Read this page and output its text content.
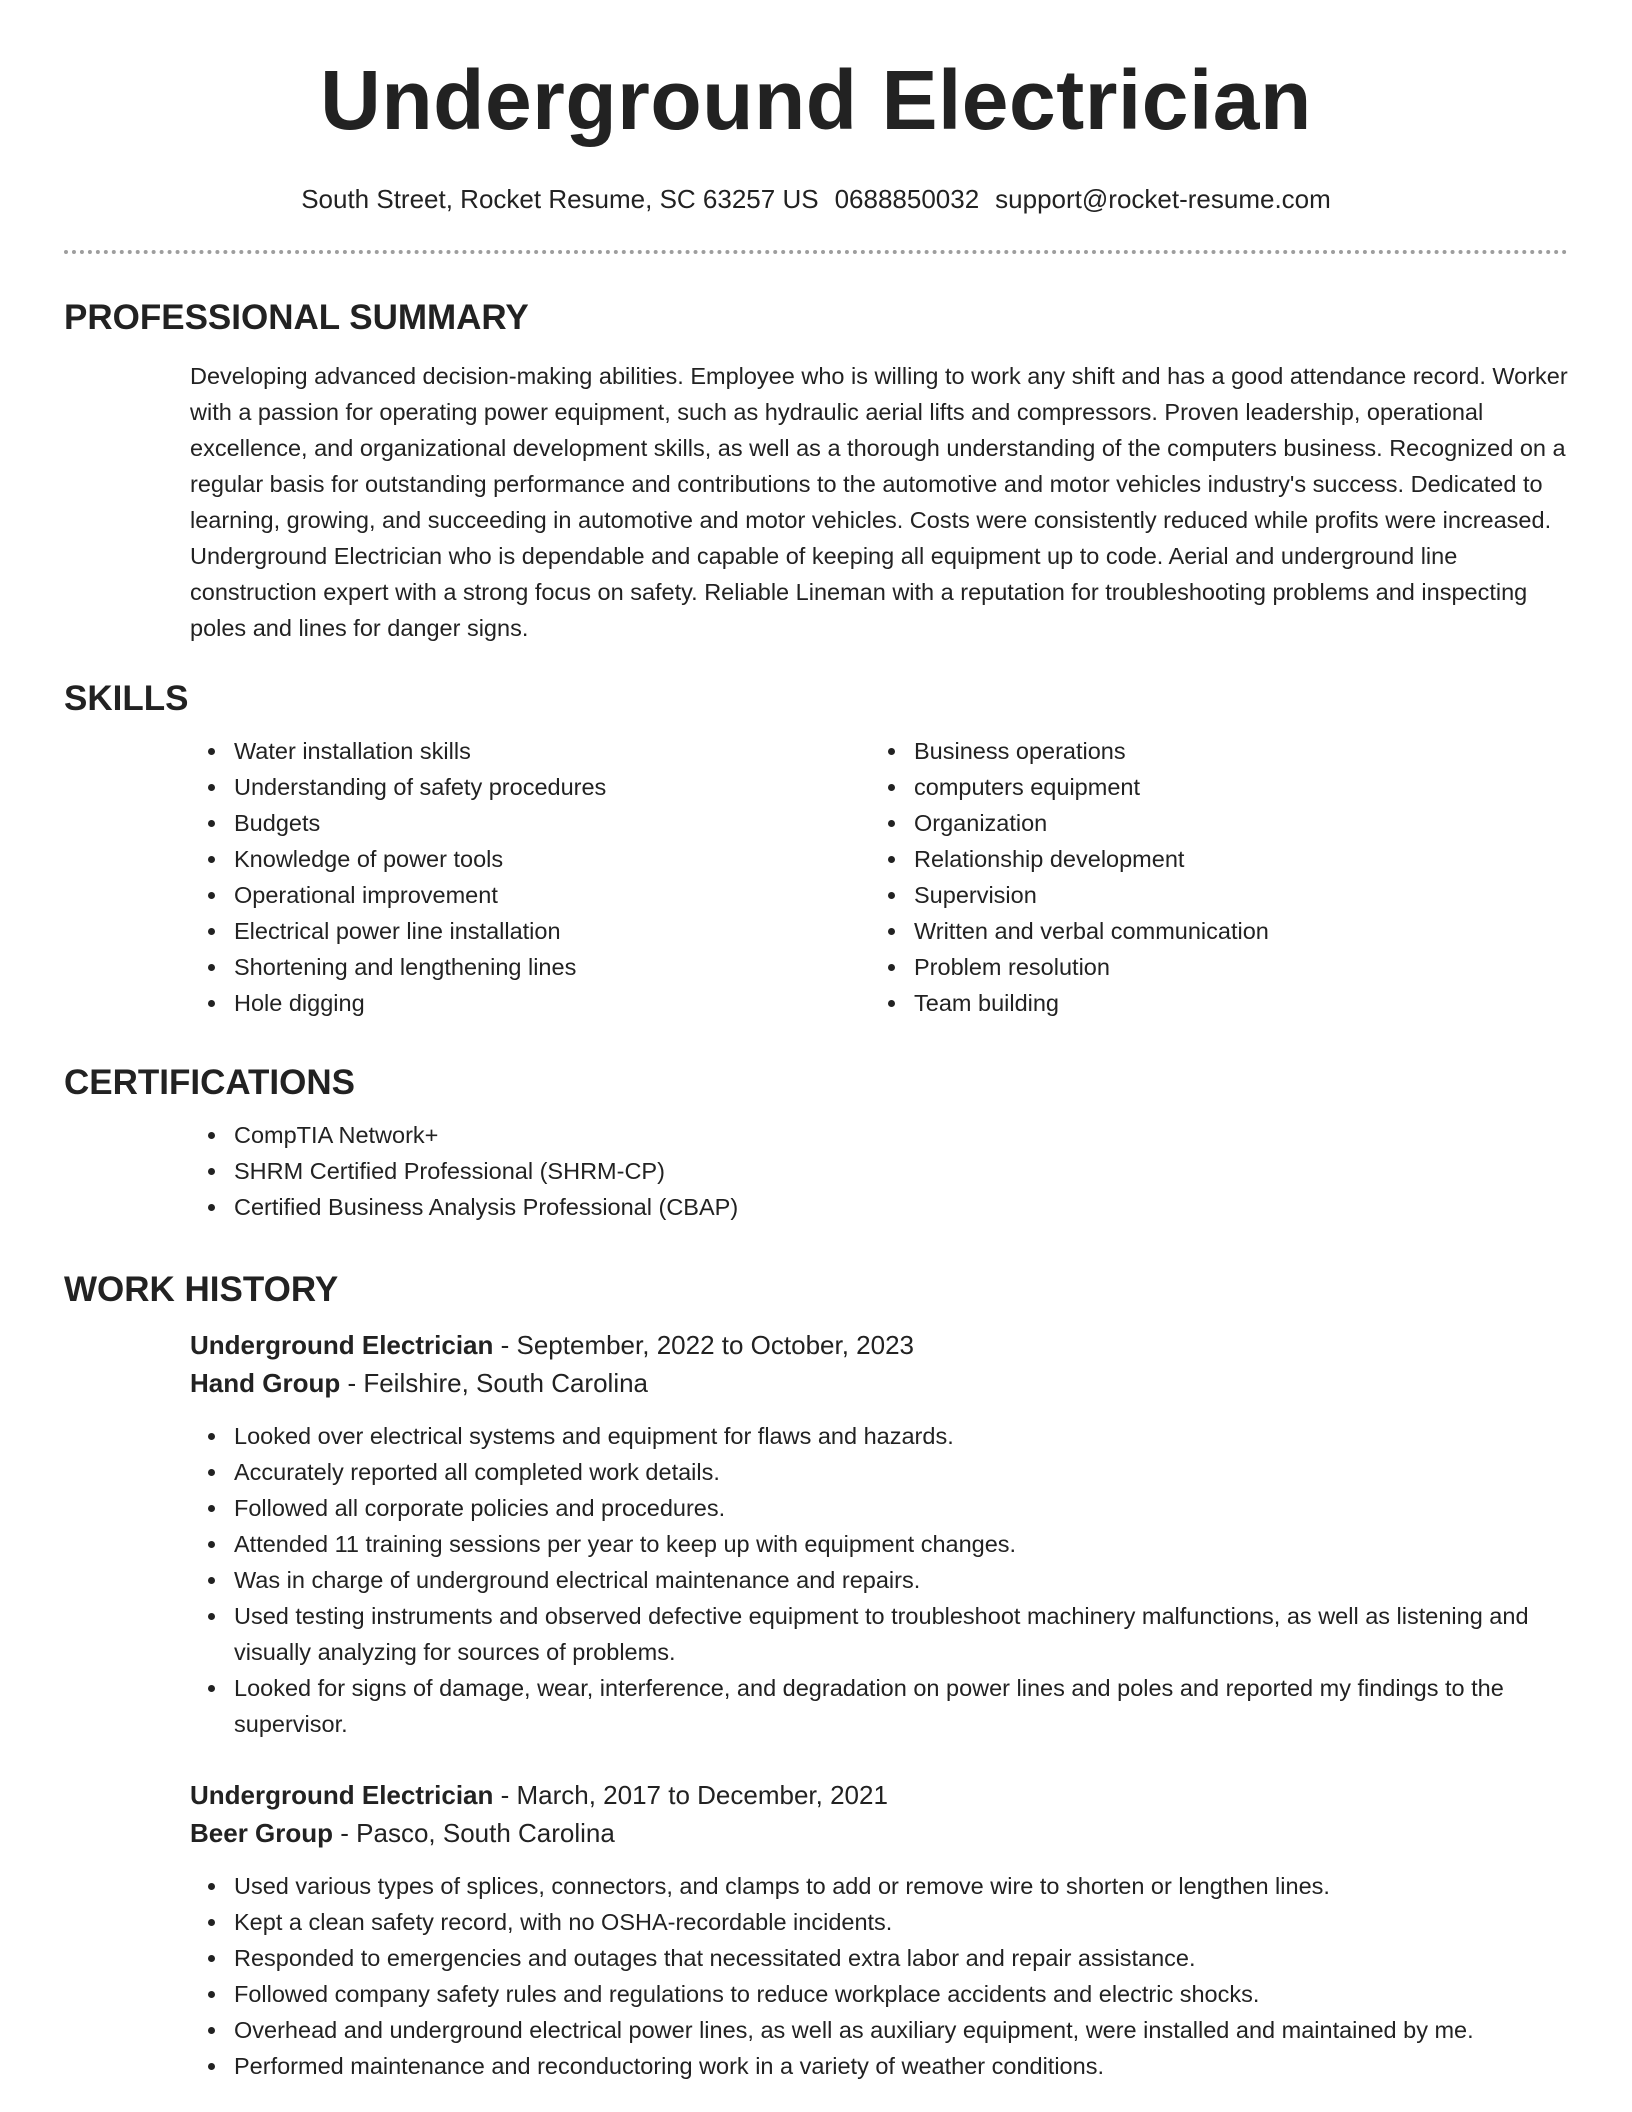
Underground Electrician
South Street, Rocket Resume, SC 63257 US 0688850032 support@rocket-resume.com
PROFESSIONAL SUMMARY
Developing advanced decision-making abilities. Employee who is willing to work any shift and has a good attendance record. Worker with a passion for operating power equipment, such as hydraulic aerial lifts and compressors. Proven leadership, operational excellence, and organizational development skills, as well as a thorough understanding of the computers business. Recognized on a regular basis for outstanding performance and contributions to the automotive and motor vehicles industry's success. Dedicated to learning, growing, and succeeding in automotive and motor vehicles. Costs were consistently reduced while profits were increased. Underground Electrician who is dependable and capable of keeping all equipment up to code. Aerial and underground line construction expert with a strong focus on safety. Reliable Lineman with a reputation for troubleshooting problems and inspecting poles and lines for danger signs.
SKILLS
Water installation skills
Understanding of safety procedures
Budgets
Knowledge of power tools
Operational improvement
Electrical power line installation
Shortening and lengthening lines
Hole digging
Business operations
computers equipment
Organization
Relationship development
Supervision
Written and verbal communication
Problem resolution
Team building
CERTIFICATIONS
CompTIA Network+
SHRM Certified Professional (SHRM-CP)
Certified Business Analysis Professional (CBAP)
WORK HISTORY
Underground Electrician - September, 2022 to October, 2023
Hand Group - Feilshire, South Carolina
Looked over electrical systems and equipment for flaws and hazards.
Accurately reported all completed work details.
Followed all corporate policies and procedures.
Attended 11 training sessions per year to keep up with equipment changes.
Was in charge of underground electrical maintenance and repairs.
Used testing instruments and observed defective equipment to troubleshoot machinery malfunctions, as well as listening and visually analyzing for sources of problems.
Looked for signs of damage, wear, interference, and degradation on power lines and poles and reported my findings to the supervisor.
Underground Electrician - March, 2017 to December, 2021
Beer Group - Pasco, South Carolina
Used various types of splices, connectors, and clamps to add or remove wire to shorten or lengthen lines.
Kept a clean safety record, with no OSHA-recordable incidents.
Responded to emergencies and outages that necessitated extra labor and repair assistance.
Followed company safety rules and regulations to reduce workplace accidents and electric shocks.
Overhead and underground electrical power lines, as well as auxiliary equipment, were installed and maintained by me.
Performed maintenance and reconductoring work in a variety of weather conditions.
